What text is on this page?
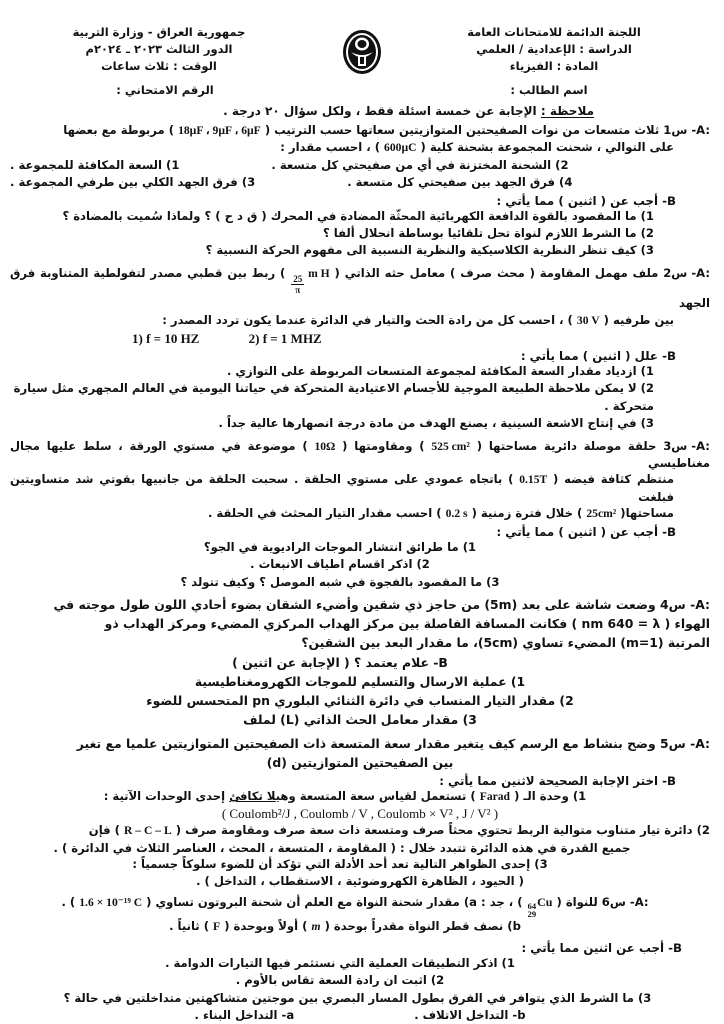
اللجنة الدائمة للامتحانات العامة
الدراسة : الإعدادية / العلمي
المادة : الفيزياء
اسم الطالب :
جمهورية العراق - وزارة التربية
الدور الثالث ٢٠٢٣ ـ ٢٠٢٤م
الوقت : ثلاث ساعات
الرقم الامتحاني :
ملاحظة : الإجابة عن خمسة اسئلة فقط ، ولكل سؤال ٢٠ درجة .
س1 -A: ثلاث متسعات من نوات الصفيحتين المتوازيتين سعاتها حسب الترتيب ( 18µF ، 9µF ، 6µF ) مربوطة مع بعضها
على التوالي ، شحنت المجموعة بشحنة كلية ( 600µC ) ، احسب مقدار :
1) السعة المكافئة للمجموعة .	2) الشحنة المختزنة في أي من صفيحتي كل متسعة .
3) فرق الجهد الكلي بين طرفي المجموعة .	4) فرق الجهد بين صفيحتي كل متسعة .
B- أجب عن ( اثنين ) مما يأتي :
1) ما المقصود بالقوة الدافعة الكهربائية المحثّة المضادة في المحرك ( ق د ح ) ؟ ولماذا سُميت بالمضادة ؟
2) ما الشرط اللازم لنواة تحل تلقائيا بوساطة انحلال ألفا ؟
3) كيف تنظر النظرية الكلاسيكية والنظرية النسبية الى مفهوم الحركة النسبية ؟
س2 -A: ملف مهمل المقاومة ( محث صرف ) معامل حثه الذاتي (
$\frac{25}{\pi}$
m H ) ربط بين قطبي مصدر لتفولطية المتناوبة فرق الجهد
بين طرفيه ( 30 V ) ، احسب كل من رادة الحث والتيار في الدائرة عندما يكون تردد المصدر :
1) f = 10 HZ	2) f = 1 MHZ
B- علل ( اثنين ) مما يأتي :
1) ازدياد مقدار السعة المكافئة لمجموعة المتسعات المربوطة على التوازي .
2) لا يمكن ملاحظة الطبيعة الموجية للأجسام الاعتيادية المتحركة في حياتنا اليومية في العالم المجهري مثل سيارة متحركة .
3) في إنتاج الاشعة السينية ، يصنع الهدف من مادة درجة انصهارها عالية جداً .
س3 -A: حلقة موصلة دائرية مساحتها ( 525 cm² ) ومقاومتها ( 10Ω ) موضوعة في مستوي الورقة ، سلط عليها مجال مغناطيسي
منتظم كثافة فيضه ( 0.15T ) باتجاه عمودي على مستوي الحلقة . سحبت الحلقة من جانبيها بقوتي شد متساويتين فبلغت
مساحتها( 25cm² ) خلال فترة زمنية ( 0.2 s ) احسب مقدار التيار المحثث في الحلقة .
B- أجب عن ( اثنين ) مما يأتي :
1) ما طرائق انتشار الموجات الراديوية في الجو؟
2) اذكر اقسام اطياف الانبعاث .
3) ما المقصود بالفجوة في شبه الموصل ؟ وكيف تتولد ؟
س4 -A: وضعت شاشة على بعد (5m) من حاجز ذي شقين وأضيء الشقان بضوء أحادي اللون طول موجته في
الهواء ( nm 640 = λ ) فكانت المسافة الفاصلة بين مركز الهداب المركزي المضيء ومركز الهداب ذو
المرتبة (m=1) المضيء تساوي (5cm)، ما مقدار البعد بين الشقين؟
B- علام يعتمد ؟ ( الإجابة عن اثنين )
1) عملية الارسال والتسليم للموجات الكهرومغناطيسية
2) مقدار التيار المنساب في دائرة الثنائي البلوري pn المتحسس للضوء
3) مقدار معامل الحث الذاتي (L) لملف
س5 -A: وضح بنشاط مع الرسم كيف يتغير مقدار سعة المتسعة ذات الصفيحتين المتوازيتين علميا مع تغير
بين الصفيحتين المتوازيتين (d)
B- اختر الإجابة الصحيحة لاثنين مما يأتي :
1) وحدة الـ ( Farad ) تستعمل لقياس سعة المتسعة وهيلا تكافئ إحدى الوحدات الآتية :
( Coulomb²/J , Coulomb / V , Coulomb × V² , J / V² )
2) دائرة تيار متناوب متوالية الربط تحتوي محثاً صرف ومتسعة ذات سعة صرف ومقاومة صرف ( R – C – L ) فإن
جميع القدرة في هذه الدائرة تتبدد خلال : ( المقاومة ، المتسعة ، المحث ، العناصر الثلاث في الدائرة ) .
3) إحدى الظواهر التالية تعد أحد الأدلة التي تؤكد أن للضوء سلوكاً جسمياً :
( الحيود ، الظاهرة الكهروضوئية ، الاستقطاب ، التداخل ) .
س6 -A: للنواة (
64
29
Cu ) ، جد : a) مقدار شحنة النواة مع العلم أن شحنة البروتون تساوي ( 1.6 × 10⁻¹⁹ C ) .
b) نصف قطر النواة مقدراً بوحدة ( m ) أولاً وبوحدة ( F ) ثانياً .
B- أجب عن اثنين مما يأتي :
1) اذكر التطبيقات العملية التي نستثمر فيها التيارات الدوامة .
2) اثبت ان رادة السعة تقاس بالأوم .
3) ما الشرط الذي يتوافر في الفرق بطول المسار البصري بين موجتين متشاكهتين متداخلتين في حالة ؟
a- التداخل البناء .	b- التداخل الاتلاف .
